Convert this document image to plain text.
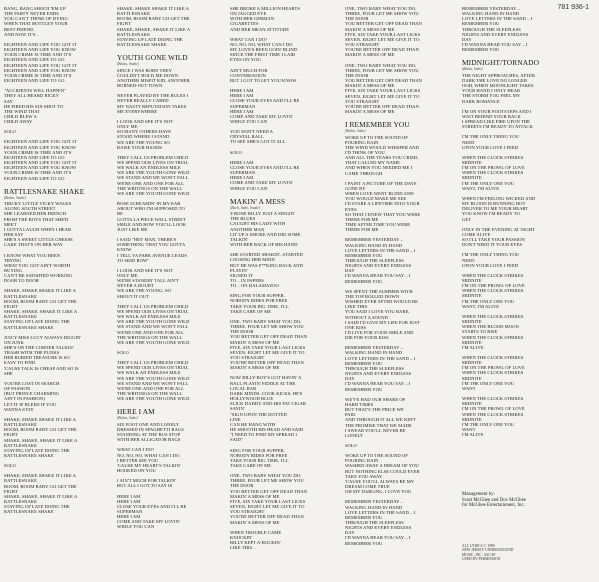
781 936-1
BANG, BANG SHOOT 'EM UP
THE PARTY NEVER ENDS
YOU CAN'T THINK OF DYING
WHEN THAT BOTTLE'S YOUR
BEST FRIEND
AND NOW IT'S...
EIGHTEEN AND LIFE YOU GOT IT
EIGHTEEN AND LIFE YOU KNOW
YOUR CRIME IS TIME AND IT'S
EIGHTEEN AND LIFE TO GO
EIGHTEEN AND LIFE YOU GOT IT
EIGHTEEN AND LIFE YOU KNOW
YOUR CRIME IS TIME AND IT'S
EIGHTEEN AND LIFE TO GO
"ACCIDENTS WILL HAPPEN"
THEY ALL HEARD RICKY
SAY
HE FIRED HIS SIX-SHOT TO
THE WIND THAT
CHILD BLEW A
CHILD AWAY
SOLO
EIGHTEEN AND LIFE YOU GOT IT
EIGHTEEN AND LIFE YOU KNOW
YOUR CRIME IS TIME AND IT'S
EIGHTEEN AND LIFE TO GO
EIGHTEEN AND LIFE YOU GOT IT
EIGHTEEN AND LIFE YOU KNOW
YOUR CRIME IS TIME AND IT'S
EIGHTEEN AND LIFE TO GO
RATTLESNAKE SHAKE
(Bolan, Snake)
TRICKY LITTLE VICKY WALKS
ALONG SOUTH STREET
SHE LEARNED HER FRENCH
FROM THE BOYS THAT SHE'D
MEET
I GOTTA LAUGH WHEN I HEAR
HER SAY
SHE'S A SWEET LITTLE CHEESE
CAKE THAT'S ON HER WAY
I KNOW WHAT YOU BEEN
TRYING
WHAT YOU GOT AIN'T WORTH
BUYING
CAN'T BE SATISFIED WORKING
DOOR TO DOOR
SHAKE, SHAKE SHAKE IT LIKE A
RATTLESNAKE
BOOM, BOOM BABY GO GET THE
FIGHT
SHAKE, SHAKE, SHAKE IT LIKE A
RATTLESNAKE
STAYING UP LATE DOING THE
RATTLESNAKE SHAKE
JUICY MISS LUCY ALWAYS DIGGIN'
ON JUNK
SHE'S ON THE CORNER TALKIN'
TRASH WITH THE PUNKS
HER BURIED TREASURE IS SO
EASY TO FIND
'CAUSE TALK IS CHEAP AND SO IS
SHE
YOU'RE LOST IN SEARCH
OF PASSION
(BUT PRINCE CHARMING
AIN'T IN FASHION)
LET IT IF BLEED IF YOU
WANNA STAY
SHAKE, SHAKE SHAKE IT LIKE A
RATTLESNAKE
BOOM, BOOM BABY GO GET THE
FIGHT
SHAKE, SHAKE, SHAKE IT LIKE A
RATTLESNAKE
STAYING UP LATE DOING THE
RATTLESNAKE SHAKE
SOLO
SHAKE, SHAKE SHAKE IT LIKE A
RATTLESNAKE
BOOM, BOOM BABY GO GET THE
FIGHT
SHAKE, SHAKE, SHAKE IT LIKE A
RATTLESNAKE
STAYING UP LATE DOING THE
RATTLESNAKE SHAKE
SHAKE, SHAKE SHAKE IT LIKE A
RATTLESNAKE
BOOM, BOOM BABY GO GET THE
FIGHT
SHAKE, SHAKE, SHAKE IT LIKE A
RATTLESNAKE
STAYING UP LATE DOING THE
RATTLESNAKE SHAKE
YOUTH GONE WILD
(Bolan, Snake)
SINCE I WAS BORN THEY
COULDN'T HOLD ME DOWN
ANOTHER MISFIT KID, ANOTHER
BURNED-OUT TOWN
NEVER PLAYED BY THE RULES I
NEVER REALLY CARED
MY NASTY REPUTATION TAKES
ME EVERYWHERE
I LOOK AND SEE IT'S NOT
ONLY ME
SO MANY OTHERS HAVE
STOOD WHERE I STAND
WE ARE THE YOUNG SO
RAISE YOUR HANDS
THEY CALL US PROBLEM CHILD
WE SPEND OUR LIVES ON TRIAL
WE WALK AN ENDLESS MILE
WE ARE THE YOUTH GONE WILD
WE STAND AND WE WON'T FALL
WE'RE ONE AND ONE FOR ALL
THE WRITINGS ON THE WALL
WE ARE THE YOUTH GONE WILD
ROSE SCREAMIN' IN MY EAR
ABOUT WHO I'M SUPPOSED TO
BE
GOTTA LA PIECE WALL STREET
SMILE AND HOW YOU'LL LOOK
JUST LIKE ME
I SAID "HEY MAN, THERE'S
SOMETHING THAT YOU GOTTA
KNOW
I TELL YA PARK AVENUE LEADS
TO SKID ROW"
I LOOK AND SEE IT'S NOT
ONLY ME
WE'RE STANDIN' TALL AIN'T
NEVER A DOUBT
WE ARE THE YOUNG, SO
SHOUT IT OUT
THEY CALL US PROBLEM CHILD
WE SPEND OUR LIVES ON TRIAL
WE WALK AN ENDLESS MILE
WE ARE THE YOUTH GONE WILD
WE STAND AND WE WON'T FALL
WE'RE ONE AND ONE FOR ALL
THE WRITINGS ON THE WALL
WE ARE THE YOUTH GONE WILD
SOLO
THEY CALL US PROBLEM CHILD
WE SPEND OUR LIVES ON TRIAL
WE WALK AN ENDLESS MILE
WE ARE THE YOUTH GONE WILD
WE STAND AND WE WON'T FALL
WE'RE ONE AND ONE FOR ALL
THE WRITINGS ON THE WALL
WE ARE THE YOUTH GONE WILD
HERE I AM
(Bolan, Sabo)
SIX FOOT ONE AND LONELY
DRESSED IN SPAGHETTI RAGS
STANDING AT THE BUS STOP
WITH HER ALLIGATOR BAGS
WHAT CAN I DO?
NO, NO, NO, WHAT CAN I DO
I BETTER SEE YOU
'CAUSE MY HEART'S TALKIN'
HOOKED ON YOU
I AIN'T MUCH FOR TALKIN'
BUT ALL I GOT TO SAY IS
HERE I AM
HERE I AM
CLOSE YOUR EYES AND I'LL BE
SUPERMAN
HERE I AM
COME AND TAKE MY LOVIN'
WHILE YOU CAN
SHE BROKE A MILLION HEARTS
ON JAGGED EYE
WITH HER GERMAN
CIGARETTES
AND HER MEAN ATTITUDE
WHAT CAN I DO?
NO, NO, NO, WHAT CAN I DO
MY LOVE'S BEEN GOIN' BLIND
SINCE THE FIRST TIME I LAID
EYES ON YOU
AIN'T MUCH FOR
CONVERSATION
BUT I GOT TO LET YOU KNOW
HERE I AM
HERE I AM
CLOSE YOUR EYES AND I'LL BE
SUPERMAN
HERE I AM
COME AND TAKE MY LOVIN'
WHILE YOU CAN
YOU DON'T NEED A
CRYSTAL BALL
TO SEE SHE'S GOT IT ALL
SOLO
HERE I AM
CLOSE YOUR EYES AND I'LL BE
SUPERMAN
HERE I AM
COME AND TAKE MY LOVIN'
WHILE YOU CAN
MAKIN' A MESS
(Bach, Sabo, Snake)
T-BONE BILLY JUST A SINGIN'
THE BLUES
CAUGHT HIS LADY WITH
ANOTHER MAN
LIT UP A SMOKE AND DID SOME
TALKIN'
WITH HER BACK OF HIS HAND
SHE STARTED SHAKIN', STARTED
LOOSING HER MIND
BUT HE WAS F**KING BACK AND
PLAYIN'
SIGNED IT
TO... IN PAPERS
TO... ON HALAMAZOO
SING FOR YOUR SUPPER,
NOBODY RIDES FOR FREE
TAKE YOUR BIG TIME, I'LL
TAKE CARE OF ME
ONE, TWO BABY WHAT YOU DO,
THREE, FOUR LET ME SHOW YOU
THE DOOR
YOU BETTER GET OFF DEAD THAN
MAKIN' A MESS OF ME
FIVE, SIX TAKE YOUR LAST LICKS
SEVEN, EIGHT LET ME GIVE IT TO
YOU STRAIGHT
YOU'RE BETTER OFF DEAD THAN
MAKIN' A MESS OF ME
NOW BILLY-BOY'S GOT HAVIN' A
BALL PLAYIN' FIDDLE AT THE
LOCAL BAR
DARK MINDS, COOK KICKS, HE'S
HOLLYWOOD BLUE
SLICK DADDY AND HIS FAT CIGAR
SAYIN'
"SIGN UPON THE DOTTED
LINE
CAN HE HANG WITH
HE SMOOTH HIS HEAD AND SAID
"I NEED TO FIND MY SPREAD I
SAID"
SING FOR YOUR SUPPER,
NOBODY RIDES FOR FREE
TAKE YOUR BIG TIME, I'LL
TAKE CARE OF ME
ONE, TWO BABY WHAT YOU DO,
THREE, FOUR LET ME SHOW YOU
THE DOOR
YOU BETTER GET OFF DEAD THAN
MAKIN' A MESS OF ME
FIVE, SIX TAKE YOUR LAST LICKS
SEVEN, EIGHT LET ME GIVE IT TO
YOU STRAIGHT
YOU'RE BETTER OFF DEAD THAN
MAKIN' A MESS OF ME
WHEN TROUBLE CAME
KNOCKIN'
BILLY KEPT A-ROCKIN'
LIKE THIS...
ONE, TWO BABY WHAT YOU DO,
THREE, FOUR LET ME SHOW YOU
THE DOOR
YOU BETTER GET OFF DEAD THAN
MAKIN' A MESS OF ME
FIVE, SIX TAKE YOUR LAST LICKS
SEVEN, EIGHT LET ME GIVE IT TO
YOU STRAIGHT
YOU'RE BETTER OFF DEAD THAN
MAKIN' A MESS OF ME
ONE, TWO BABY WHAT YOU DO,
THREE, FOUR LET ME SHOW YOU
THE DOOR
YOU BETTER GET OFF DEAD THAN
MAKIN' A MESS OF ME
FIVE, SIX TAKE YOUR LAST LICKS
SEVEN, EIGHT LET ME GIVE IT TO
YOU STRAIGHT
YOU'RE BETTER OFF DEAD THAN
MAKIN' A MESS OF ME
I REMEMBER YOU
(Bolan, Sabo)
WOKE UP TO THE SOUND OF
POURING RAIN
THE WIND WOULD WHISPER AND
I'D THINK OF YOU
AND ALL THE TEARS YOU CRIED,
THAT CALLED MY NAME
AND WHEN YOU NEEDED ME I
CAME THROUGH
I PAINT A PICTURE OF THE DAYS
GONE BY
WHEN LOVE WENT BLIND AND
YOU WOULD MAKE ME SEE
I'D STARE A LIFETIME INTO YOUR
EYES
SO THAT I KNEW THAT YOU WERE
THERE FOR ME
TIME AFTER TIME YOU WERE
THERE FOR ME
REMEMBER YESTERDAY –
WALKING HAND IN HAND
LOVE LETTERS IN THE SAND – I
REMEMBER YOU
THROUGH THE SLEEPLESS
NIGHTS AND EVERY ENDLESS
DAY
I'D WANNA HEAR YOU SAY – I
REMEMBER YOU
WE SPENT THE SUMMER WITH
THE TOP ROLLED DOWN
WISHED EVER AFTER WOULD BE
LIKE THIS
YOU SAID I LOVE YOU BABE,
WITHOUT A SOUND
I SAID I'D GIVE MY LIFE FOR JUST
ONE KISS
I'D LIVE FOR YOUR SMILE AND
DIE FOR YOUR KISS
REMEMBER YESTERDAY –
WALKING HAND IN HAND
LOVE LETTERS IN THE SAND – I
REMEMBER YOU
THROUGH THE SLEEPLESS
NIGHTS AND EVERY ENDLESS
DAY
I'D WANNA HEAR YOU SAY – I
REMEMBER YOU
WE'VE HAD OUR SHARE OF
HARD TIMES
BUT THAT'S THE PRICE WE
PAID
AND THROUGH IT ALL WE KEPT
THE PROMISE THAT WE MADE
I SWEAR YOU'LL NEVER BE
LONELY
SOLO
WOKE UP TO THE SOUND OF
POURING RAIN
WASHED AWAY A DREAM OF YOU
BUT NOTHING ELSE COULD EVER
TAKE YOU AWAY
'CAUSE YOU'LL ALWAYS BE MY
DREAM COME TRUE
OH MY DARLING, I LOVE YOU
REMEMBER YESTERDAY –
WALKING HAND IN HAND
LOVE LETTERS IN THE SAND – I
REMEMBER YOU
THROUGH THE SLEEPLESS
NIGHTS AND EVERY ENDLESS
DAY
I'D WANNA HEAR YOU SAY – I
REMEMBER YOU
REMEMBER YESTERDAY –
WALKING HAND IN HAND
LOVE LETTERS IN THE SAND – I
REMEMBER YOU
THROUGH THE SLEEPLESS
NIGHTS AND EVERY ENDLESS
DAY
I'D WANNA HEAR YOU SAY – I
REMEMBER YOU
MIDNIGHT/TORNADO
(Bolan, Sabo)
THE NIGHT APPROACHES, AFTER
DARK THE LOVE NO LONGER
OOH, WHEN MOONLIGHT TAKES
YOUR HAND I ONLY HEAR
THE STORM YOU FEEL MY
DARK ROMANCE
I'M ON YOUR FOOTSTEPS AND I
WAIT BEHIND YOUR BACK
I SPREAD LIKE FIRE UPON THE
STREETS I'M READY TO ATTACK
I'M THE ONLY THING YOU
NEED
UPON YOUR LOVE I FEED
WHEN THE CLOCK STRIKES
MIDNITE
I'M ON THE PROWL OF LOVE
WHEN THE CLOCK STRIKES
MIDNITE
I'M THE ONLY ONE YOU
WANT, I'M ALIVE
WHEN I'M FEELING WICKED AND
MY BLOOD IS RUNNING HOT
DELIVER TO ME YOUR HEART
YOU KNOW I'M READY TO
GET
ONLY IN THE EVENING AT NIGHT
COME ALIVE
SO I'LL TAKE YOUR PASSION
DON'T NEED IT YOUR EYES
I'M THE ONLY THING YOU
NEED
UPON YOUR LOVE I FEED
WHEN THE CLOCK STRIKES
MIDNITE
I'M ON THE PROWL OF LOVE
WHEN THE CLOCK STRIKES
MIDNITE
I'M THE ONLY ONE YOU
WANT, I'M ALIVE
WHEN THE CLOCK STRIKES
MIDNITE
WHEN THE BLOOD MOON
STARTS TO RISE
WHEN THE CLOCK STRIKES
MIDNITE
I'M ALIVE
WHEN THE CLOCK STRIKES
MIDNITE
I'M ON THE PROWL OF LOVE
WHEN THE CLOCK STRIKES
MIDNITE
I'M THE ONLY ONE YOU
WANT
WHEN THE CLOCK STRIKES
MIDNITE
I'M ON THE PROWL OF LOVE
WHEN THE CLOCK STRIKES
MIDNITE
I'M THE ONLY ONE YOU
WANT
I'M ALIVE
Management by:
Scott McGhee and Doc McGhee
for McGhee Entertainment, Inc.
ALL LYRICS © 1989
NEW JERSEY UNDERGROUND
MUSIC, INC. ASCAP
USED BY PERMISSION
